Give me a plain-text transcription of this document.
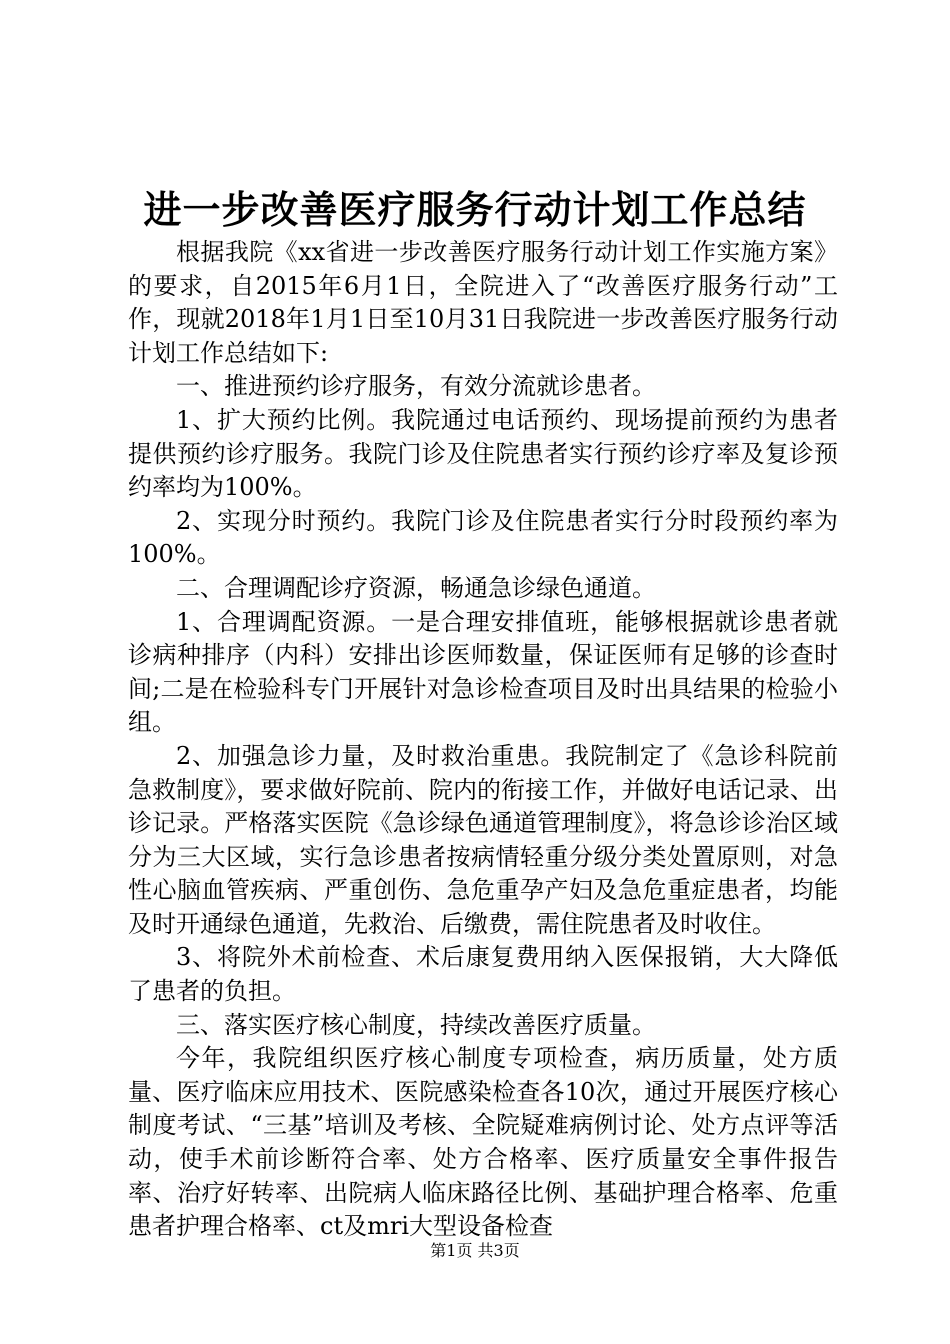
进一步改善医疗服务行动计划工作总结

根据我院《xx省进一步改善医疗服务行动计划工作实施方案》的要求，自2015年6月1日，全院进入了“改善医疗服务行动”工作，现就2018年1月1日至10月31日我院进一步改善医疗服务行动计划工作总结如下:

一、推进预约诊疗服务，有效分流就诊患者。

1、扩大预约比例。我院通过电话预约、现场提前预约为患者提供预约诊疗服务。我院门诊及住院患者实行预约诊疗率及复诊预约率均为100%。

2、实现分时预约。我院门诊及住院患者实行分时段预约率为100%。

二、合理调配诊疗资源，畅通急诊绿色通道。

1、合理调配资源。一是合理安排值班，能够根据就诊患者就诊病种排序（内科）安排出诊医师数量，保证医师有足够的诊查时间;二是在检验科专门开展针对急诊检查项目及时出具结果的检验小组。

2、加强急诊力量，及时救治重患。我院制定了《急诊科院前急救制度》，要求做好院前、院内的衔接工作，并做好电话记录、出诊记录。严格落实医院《急诊绿色通道管理制度》，将急诊诊治区域分为三大区域，实行急诊患者按病情轻重分级分类处置原则，对急性心脑血管疾病、严重创伤、急危重孕产妇及急危重症患者，均能及时开通绿色通道，先救治、后缴费，需住院患者及时收住。

3、将院外术前检查、术后康复费用纳入医保报销，大大降低了患者的负担。

三、落实医疗核心制度，持续改善医疗质量。

今年，我院组织医疗核心制度专项检查，病历质量，处方质量、医疗临床应用技术、医院感染检查各10次，通过开展医疗核心制度考试、“三基”培训及考核、全院疑难病例讨论、处方点评等活动，使手术前诊断符合率、处方合格率、医疗质量安全事件报告率、治疗好转率、出院病人临床路径比例、基础护理合格率、危重患者护理合格率、ct及mri大型设备检查

第1页 共3页
